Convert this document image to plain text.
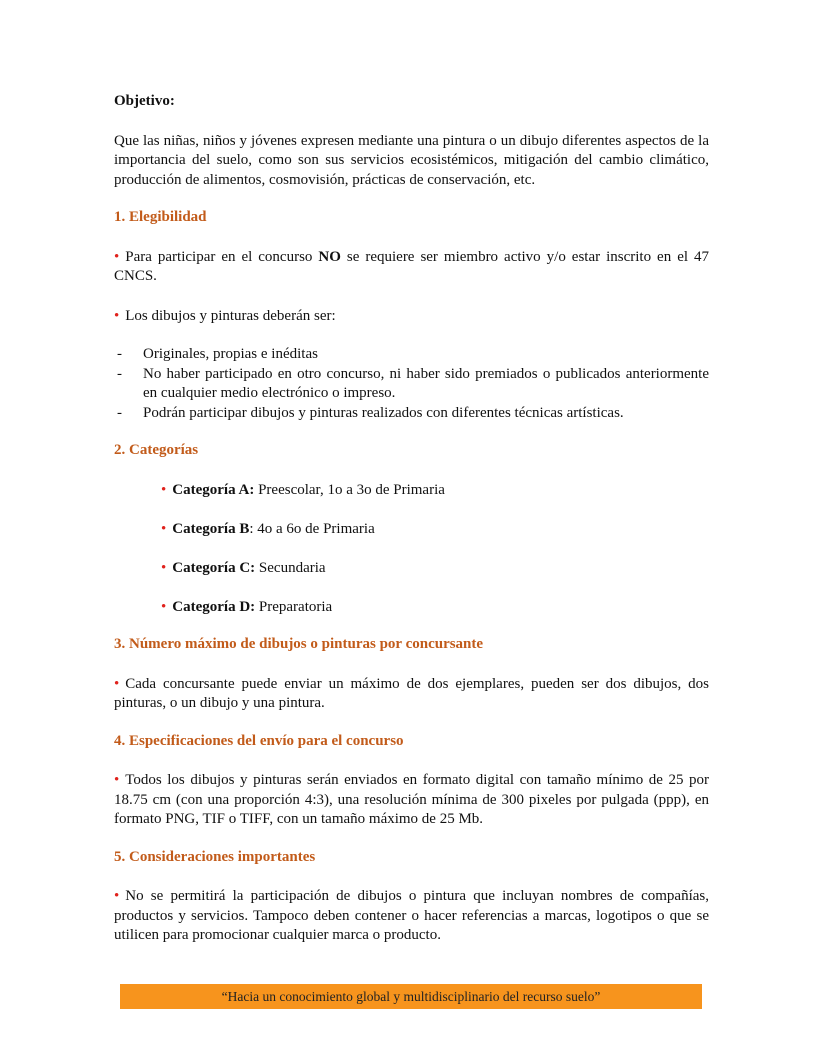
Objetivo:

Que las niñas, niños y jóvenes expresen mediante una pintura o un dibujo diferentes aspectos de la importancia del suelo, como son sus servicios ecosistémicos, mitigación del cambio climático, producción de alimentos, cosmovisión, prácticas de conservación, etc.

1. Elegibilidad

• Para participar en el concurso NO se requiere ser miembro activo y/o estar inscrito en el 47 CNCS.

• Los dibujos y pinturas deberán ser:

- Originales, propias e inéditas
- No haber participado en otro concurso, ni haber sido premiados o publicados anteriormente en cualquier medio electrónico o impreso.
- Podrán participar dibujos y pinturas realizados con diferentes técnicas artísticas.
2. Categorías
• Categoría A: Preescolar, 1o a 3o de Primaria
• Categoría B: 4o a 6o de Primaria
• Categoría C: Secundaria
• Categoría D: Preparatoria
3. Número máximo de dibujos o pinturas por concursante

• Cada concursante puede enviar un máximo de dos ejemplares, pueden ser dos dibujos, dos pinturas, o un dibujo y una pintura.

4. Especificaciones del envío para el concurso

• Todos los dibujos y pinturas serán enviados en formato digital con tamaño mínimo de 25 por 18.75 cm (con una proporción 4:3), una resolución mínima de 300 pixeles por pulgada (ppp), en formato PNG, TIF o TIFF, con un tamaño máximo de 25 Mb.

5. Consideraciones importantes

• No se permitirá la participación de dibujos o pintura que incluyan nombres de compañías, productos y servicios. Tampoco deben contener o hacer referencias a marcas, logotipos o que se utilicen para promocionar cualquier marca o producto.

“Hacia un conocimiento global y multidisciplinario del recurso suelo”
